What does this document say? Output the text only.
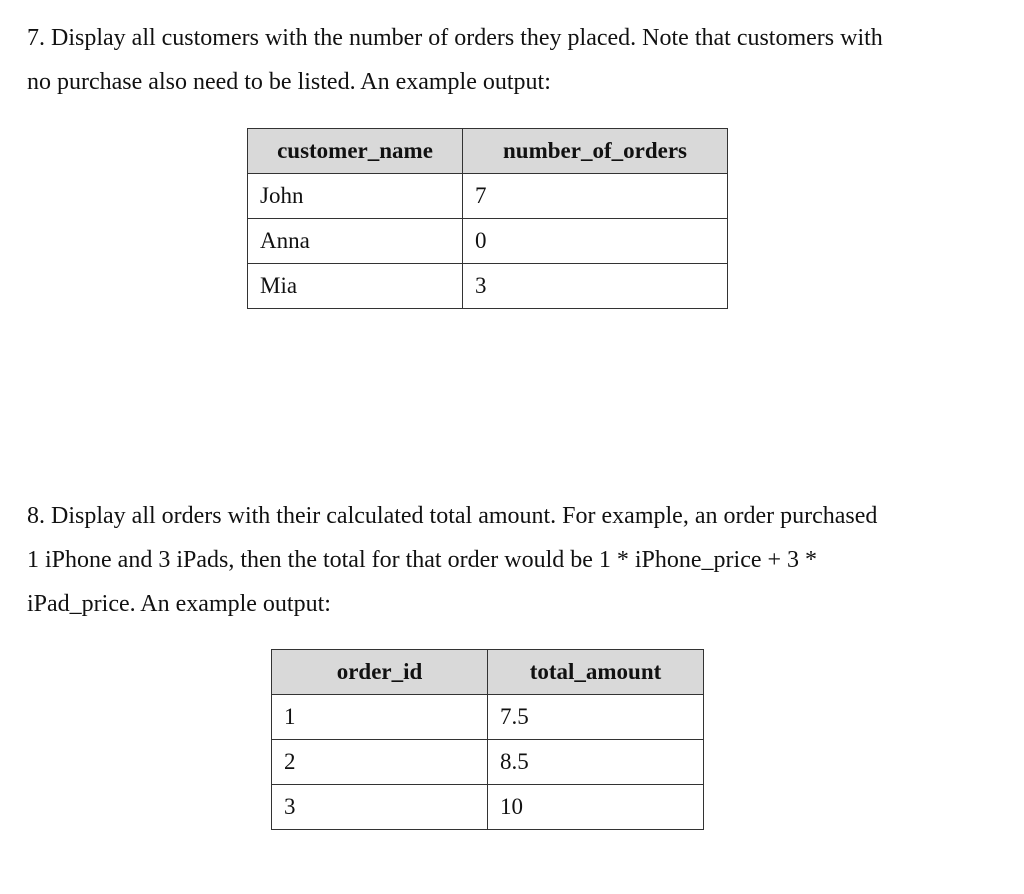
7. Display all customers with the number of orders they placed. Note that customers with
no purchase also need to be listed. An example output:

customer_name	number_of_orders
John	7
Anna	0
Mia	3

8. Display all orders with their calculated total amount. For example, an order purchased
1 iPhone and 3 iPads, then the total for that order would be 1 * iPhone_price + 3 *
iPad_price. An example output:

order_id	total_amount
1	7.5
2	8.5
3	10
